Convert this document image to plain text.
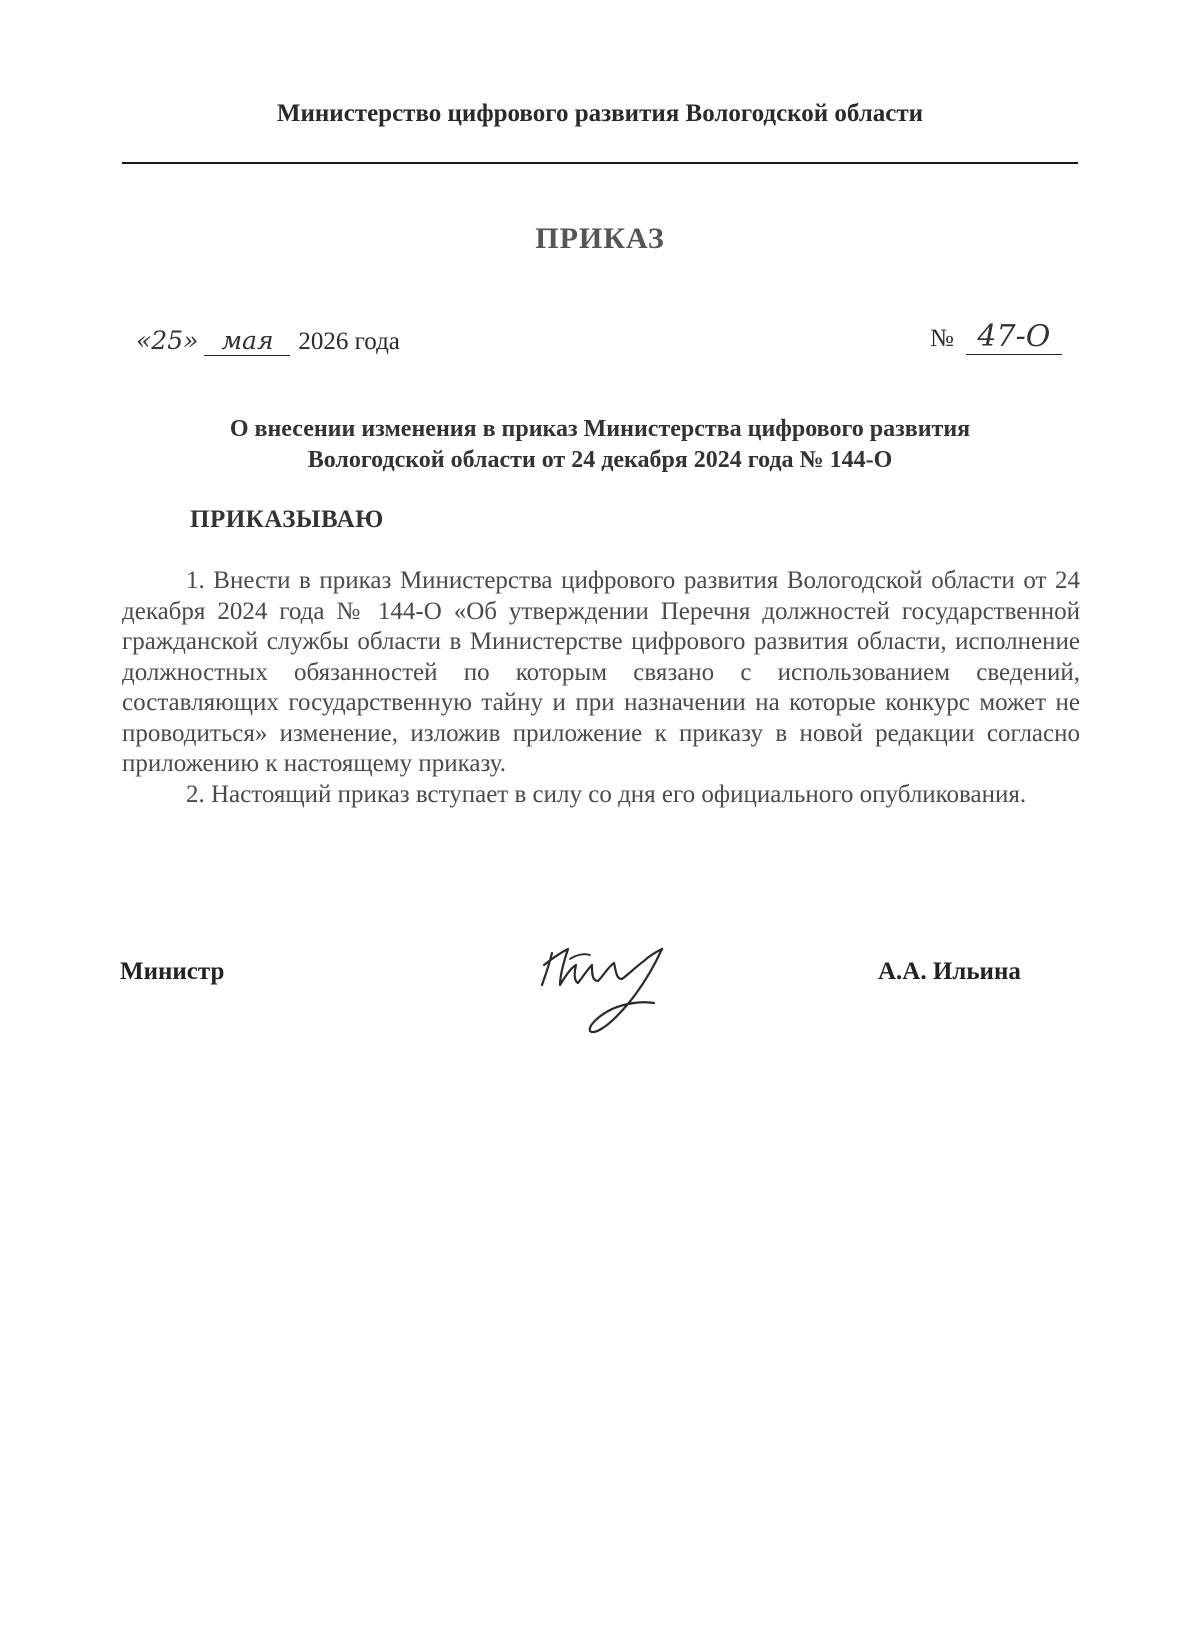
Министерство цифрового развития Вологодской области
ПРИКАЗ
«25» мая 2026 года	№ 47-О
О внесении изменения в приказ Министерства цифрового развития
Вологодской области от 24 декабря 2024 года № 144-О
ПРИКАЗЫВАЮ

1. Внести в приказ Министерства цифрового развития Вологодской области от 24 декабря 2024 года № 144-О «Об утверждении Перечня должностей государственной гражданской службы области в Министерстве цифрового развития области, исполнение должностных обязанностей по которым связано с использованием сведений, составляющих государственную тайну и при назначении на которые конкурс может не проводиться» изменение, изложив приложение к приказу в новой редакции согласно приложению к настоящему приказу.

2. Настоящий приказ вступает в силу со дня его официального опубликования.

Министр	А.А. Ильина
